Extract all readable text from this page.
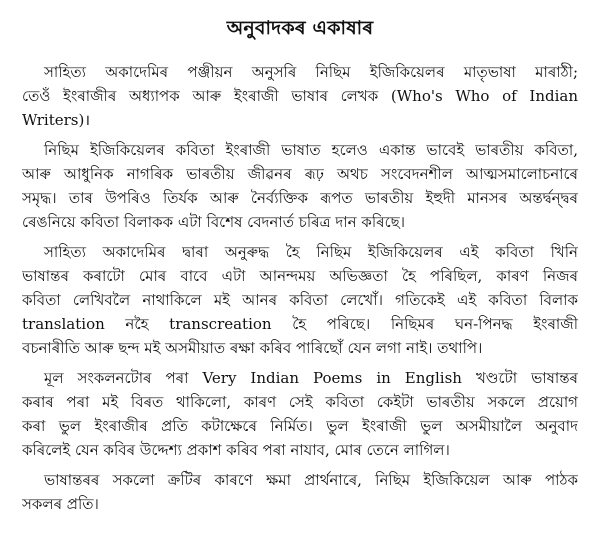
অনুবাদকৰ একাষাৰ
সাহিত্য অকাদেমিৰ পঞ্জীয়ন অনুসৰি নিছিম ইজিকিয়েলৰ মাতৃভাষা মাৰাঠী;
তেওঁ ইংৰাজীৰ অধ্যাপক আৰু ইংৰাজী ভাষাৰ লেখক (Who's Who of Indian
Writers)।
নিছিম ইজিকিয়েলৰ কবিতা ইংৰাজী ভাষাত হলেও একান্ত ভাবেই ভাৰতীয় কবিতা,
আৰু আধুনিক নাগৰিক ভাৰতীয় জীৱনৰ ৰূঢ় অথচ সংবেদনশীল আত্মসমালোচনাৰে
সমৃদ্ধ। তাৰ উপৰিও তিৰ্যক আৰু নৈৰ্ব্যক্তিক ৰূপত ভাৰতীয় ইহুদী মানসৰ অন্তৰ্দ্বন্দ্বৰ
ৰেঙনিয়ে কবিতা বিলাকক এটা বিশেষ বেদনাৰ্ত চৰিত্ৰ দান কৰিছে।
সাহিত্য অকাদেমিৰ দ্বাৰা অনুৰুদ্ধ হৈ নিছিম ইজিকিয়েলৰ এই কবিতা খিনি
ভাষান্তৰ কৰাটো মোৰ বাবে এটা আনন্দময় অভিজ্ঞতা হৈ পৰিছিল, কাৰণ নিজৰ
কবিতা লেখিবলৈ নাথাকিলে মই আনৰ কবিতা লেখোঁ। গতিকেই এই কবিতা বিলাক
translation নহৈ transcreation হৈ পৰিছে। নিছিমৰ ঘন-পিনদ্ধ ইংৰাজী
বচনাৰীতি আৰু ছন্দ মই অসমীয়াত ৰক্ষা কৰিব পাৰিছোঁ যেন লগা নাই। তথাপি।
মূল সংকলনটোৰ পৰা Very Indian Poems in English খণ্ডটো ভাষান্তৰ
কৰাৰ পৰা মই বিৰত থাকিলো, কাৰণ সেই কবিতা কেইটা ভাৰতীয় সকলে প্ৰয়োগ
কৰা ভুল ইংৰাজীৰ প্ৰতি কটাক্ষেৰে নিৰ্মিত। ভুল ইংৰাজী ভুল অসমীয়ালৈ অনুবাদ
কৰিলেই যেন কবিৰ উদ্দেশ্য প্ৰকাশ কৰিব পৰা নাযাব, মোৰ তেনে লাগিল।
ভাষান্তৰৰ সকলো ক্ৰটিৰ কাৰণে ক্ষমা প্ৰাৰ্থনাৰে, নিছিম ইজিকিয়েল আৰু পাঠক
সকলৰ প্ৰতি।
